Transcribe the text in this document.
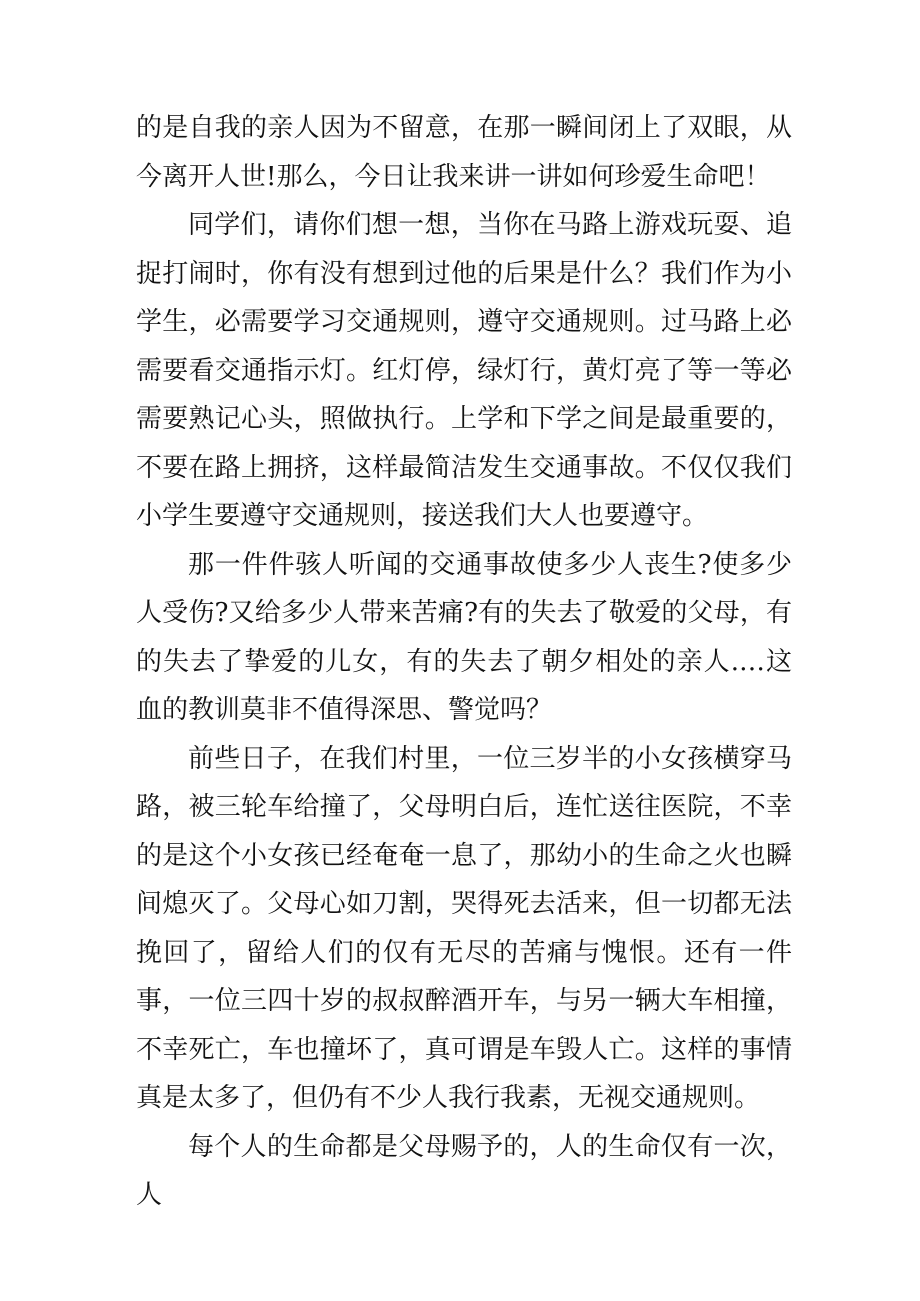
的是自我的亲人因为不留意，在那一瞬间闭上了双眼，从今离开人世!那么，今日让我来讲一讲如何珍爱生命吧！

同学们，请你们想一想，当你在马路上游戏玩耍、追捉打闹时，你有没有想到过他的后果是什么？我们作为小学生，必需要学习交通规则，遵守交通规则。过马路上必需要看交通指示灯。红灯停，绿灯行，黄灯亮了等一等必需要熟记心头，照做执行。上学和下学之间是最重要的，不要在路上拥挤，这样最简洁发生交通事故。不仅仅我们小学生要遵守交通规则，接送我们大人也要遵守。

那一件件骇人听闻的交通事故使多少人丧生?使多少人受伤?又给多少人带来苦痛?有的失去了敬爱的父母，有的失去了挚爱的儿女，有的失去了朝夕相处的亲人.…这血的教训莫非不值得深思、警觉吗？

前些日子，在我们村里，一位三岁半的小女孩横穿马路，被三轮车给撞了，父母明白后，连忙送往医院，不幸的是这个小女孩已经奄奄一息了，那幼小的生命之火也瞬间熄灭了。父母心如刀割，哭得死去活来，但一切都无法挽回了，留给人们的仅有无尽的苦痛与愧恨。还有一件事，一位三四十岁的叔叔醉酒开车，与另一辆大车相撞，不幸死亡，车也撞坏了，真可谓是车毁人亡。这样的事情真是太多了，但仍有不少人我行我素，无视交通规则。

每个人的生命都是父母赐予的，人的生命仅有一次，人
